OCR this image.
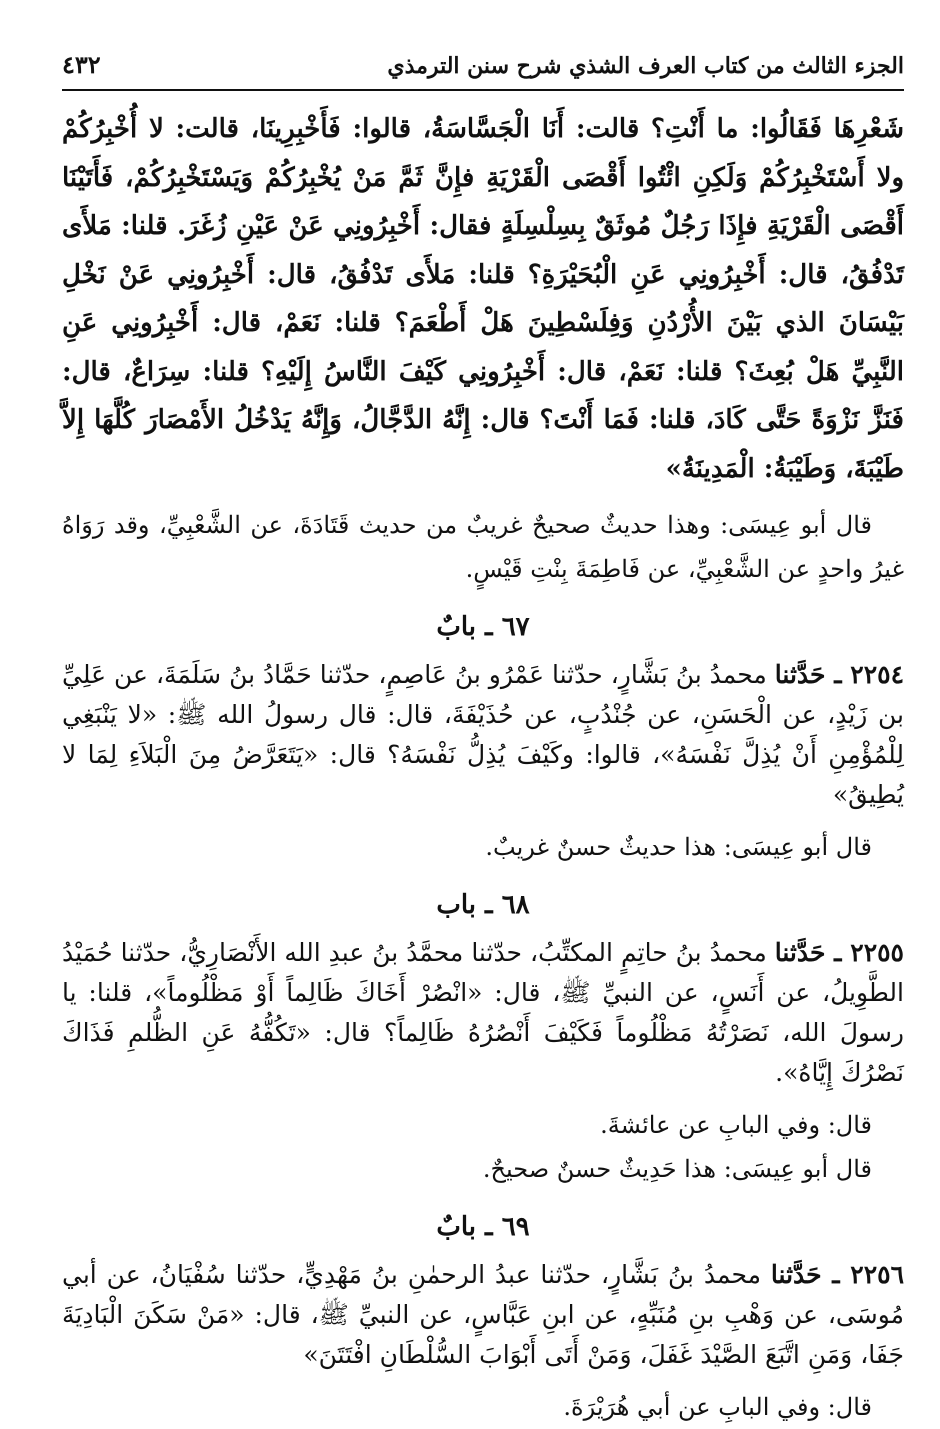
الجزء الثالث من كتاب العرف الشذي شرح سنن الترمذي
٤٣٢

شَعْرِهَا فَقَالُوا: ما أَنْتِ؟ قالت: أَنَا الْجَسَّاسَةُ، قالوا: فَأَخْبِرِينَا، قالت: لا أُخْبِرُكُمْ ولا أَسْتَخْبِرُكُمْ وَلَكِنِ ائْتُوا أَقْصَى الْقَرْيَةِ فإِنَّ ثَمَّ مَنْ يُخْبِرُكُمْ وَيَسْتَخْبِرُكُمْ، فَأَتَيْنَا أَقْصَى الْقَرْيَةِ فإِذَا رَجُلٌ مُوثَقٌ بِسِلْسِلَةٍ فقال: أَخْبِرُونِي عَنْ عَيْنِ زُغَرَ. قلنا: مَلأَى تَدْفُقُ، قال: أَخْبِرُونِي عَنِ الْبُحَيْرَةِ؟ قلنا: مَلأَى تَدْفُقُ، قال: أَخْبِرُونِي عَنْ نَخْلِ بَيْسَانَ الذي بَيْنَ الأُرْدُنِ وَفِلَسْطِينَ هَلْ أَطْعَمَ؟ قلنا: نَعَمْ، قال: أَخْبِرُونِي عَنِ النَّبِيِّ هَلْ بُعِثَ؟ قلنا: نَعَمْ، قال: أَخْبِرُونِي كَيْفَ النَّاسُ إِلَيْهِ؟ قلنا: سِرَاعٌ، قال: فَنَزَّ نَزْوَةً حَتَّى كَادَ، قلنا: فَمَا أَنْتَ؟ قال: إِنَّهُ الدَّجَّالُ، وَإِنَّهُ يَدْخُلُ الأَمْصَارَ كُلَّهَا إِلاَّ طَيْبَةَ، وَطَيْبَةُ: الْمَدِينَةُ»

قال أبو عِيسَى: وهذا حديثٌ صحيحٌ غريبٌ من حديث قَتَادَةَ، عن الشَّعْبِيِّ، وقد رَوَاهُ غيرُ واحدٍ عن الشَّعْبِيِّ، عن فَاطِمَةَ بِنْتِ قَيْسٍ.

٦٧ ـ بابٌ

٢٢٥٤ ـ حَدَّثنا محمدُ بنُ بَشَّارٍ، حدّثنا عَمْرُو بنُ عَاصِمٍ، حدّثنا حَمَّادُ بنُ سَلَمَةَ، عن عَلِيِّ بن زَيْدٍ، عن الْحَسَنِ، عن جُنْدُبٍ، عن حُذَيْفَةَ، قال: قال رسولُ الله ﷺ: «لا يَنْبَغِي لِلْمُؤْمِنِ أَنْ يُذِلَّ نَفْسَهُ»، قالوا: وكَيْفَ يُذِلُّ نَفْسَهُ؟ قال: «يَتَعَرَّضُ مِنَ الْبَلاَءِ لِمَا لا يُطِيقُ»

قال أبو عِيسَى: هذا حديثٌ حسنٌ غريبٌ.

٦٨ ـ باب

٢٢٥٥ ـ حَدَّثنا محمدُ بنُ حاتِمٍ المكتِّبُ، حدّثنا محمَّدُ بنُ عبدِ الله الأَنْصَارِيُّ، حدّثنا حُمَيْدُ الطَّوِيلُ، عن أَنَسٍ، عن النبيِّ ﷺ، قال: «انْصُرْ أَخَاكَ ظَالِماً أَوْ مَظْلُوماً»، قلنا: يا رسولَ الله، نَصَرْتُهُ مَظْلُوماً فَكَيْفَ أَنْصُرُهُ ظَالِماً؟ قال: «تَكُفُّهُ عَنِ الظُّلمِ فَذَاكَ نَصْرُكَ إِيَّاهُ».

قال: وفي البابِ عن عائشةَ.

قال أبو عِيسَى: هذا حَدِيثٌ حسنٌ صحيحٌ.

٦٩ ـ بابٌ

٢٢٥٦ ـ حَدَّثنا محمدُ بنُ بَشَّارٍ، حدّثنا عبدُ الرحمٰنِ بنُ مَهْدِيٍّ، حدّثنا سُفْيَانُ، عن أبي مُوسَى، عن وَهْبِ بنِ مُنَبِّهٍ، عن ابنِ عَبَّاسٍ، عن النبيِّ ﷺ، قال: «مَنْ سَكَنَ الْبَادِيَةَ جَفَا، وَمَنِ اتَّبَعَ الصَّيْدَ غَفَلَ، وَمَنْ أَتَى أَبْوَابَ السُّلْطَانِ افْتَتَنَ»

قال: وفي البابِ عن أبي هُرَيْرَةَ.
